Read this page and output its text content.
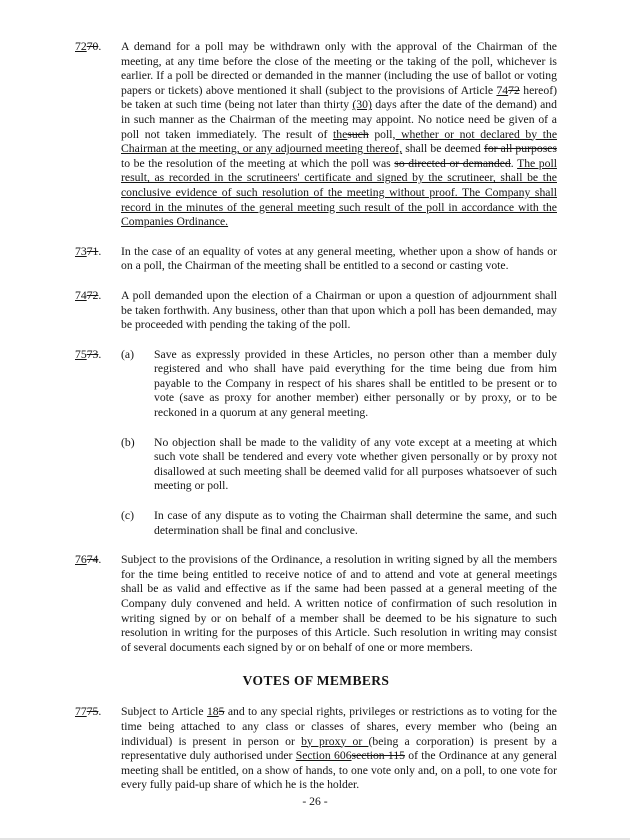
7270.	A demand for a poll may be withdrawn only with the approval of the Chairman of the meeting, at any time before the close of the meeting or the taking of the poll, whichever is earlier. If a poll be directed or demanded in the manner (including the use of ballot or voting papers or tickets) above mentioned it shall (subject to the provisions of Article 7472 hereof) be taken at such time (being not later than thirty (30) days after the date of the demand) and in such manner as the Chairman of the meeting may appoint. No notice need be given of a poll not taken immediately. The result of thesuch poll, whether or not declared by the Chairman at the meeting, or any adjourned meeting thereof, shall be deemed for all purposes to be the resolution of the meeting at which the poll was so directed or demanded. The poll result, as recorded in the scrutineers' certificate and signed by the scrutineer, shall be the conclusive evidence of such resolution of the meeting without proof. The Company shall record in the minutes of the general meeting such result of the poll in accordance with the Companies Ordinance.
7371.	In the case of an equality of votes at any general meeting, whether upon a show of hands or on a poll, the Chairman of the meeting shall be entitled to a second or casting vote.
7472.	A poll demanded upon the election of a Chairman or upon a question of adjournment shall be taken forthwith. Any business, other than that upon which a poll has been demanded, may be proceeded with pending the taking of the poll.
7573.	(a)	Save as expressly provided in these Articles, no person other than a member duly registered and who shall have paid everything for the time being due from him payable to the Company in respect of his shares shall be entitled to be present or to vote (save as proxy for another member) either personally or by proxy, or to be reckoned in a quorum at any general meeting.
(b)	No objection shall be made to the validity of any vote except at a meeting at which such vote shall be tendered and every vote whether given personally or by proxy not disallowed at such meeting shall be deemed valid for all purposes whatsoever of such meeting or poll.
(c)	In case of any dispute as to voting the Chairman shall determine the same, and such determination shall be final and conclusive.
7674.	Subject to the provisions of the Ordinance, a resolution in writing signed by all the members for the time being entitled to receive notice of and to attend and vote at general meetings shall be as valid and effective as if the same had been passed at a general meeting of the Company duly convened and held. A written notice of confirmation of such resolution in writing signed by or on behalf of a member shall be deemed to be his signature to such resolution in writing for the purposes of this Article. Such resolution in writing may consist of several documents each signed by or on behalf of one or more members.
VOTES OF MEMBERS
7775.	Subject to Article 185 and to any special rights, privileges or restrictions as to voting for the time being attached to any class or classes of shares, every member who (being an individual) is present in person or by proxy or (being a corporation) is present by a representative duly authorised under Section 606section 115 of the Ordinance at any general meeting shall be entitled, on a show of hands, to one vote only and, on a poll, to one vote for every fully paid-up share of which he is the holder.
- 26 -
